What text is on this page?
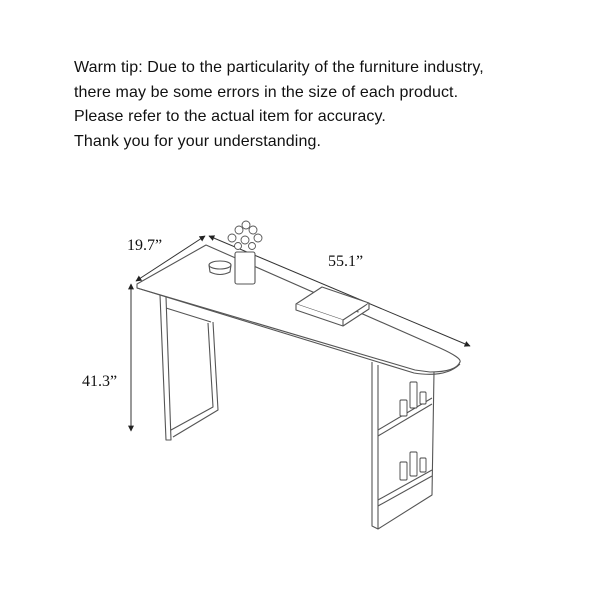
Warm tip: Due to the particularity of the furniture industry,
there may be some errors in the size of each product.
Please refer to the actual item for accuracy.
Thank you for your understanding.
19.7”
55.1”
41.3”
